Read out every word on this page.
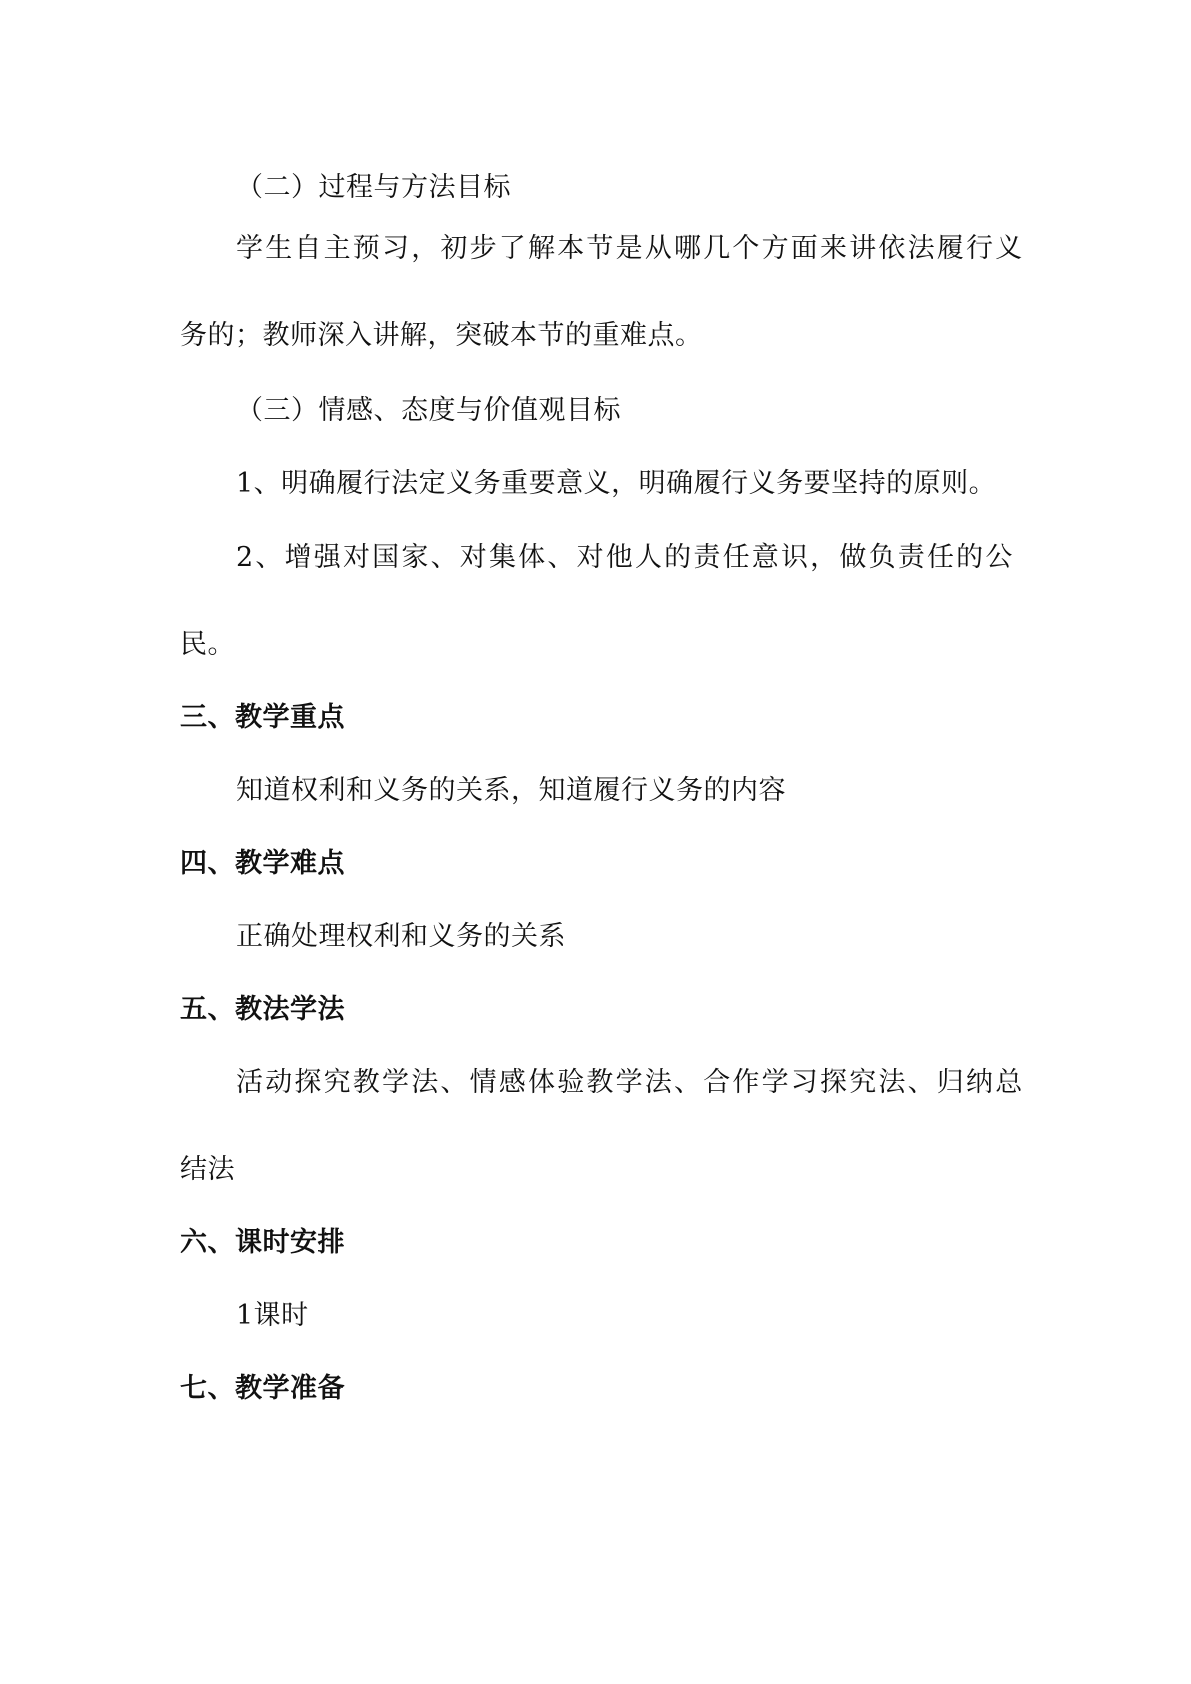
（二）过程与方法目标
学生自主预习，初步了解本节是从哪几个方面来讲依法履行义
务的；教师深入讲解，突破本节的重难点。
（三）情感、态度与价值观目标
1、明确履行法定义务重要意义，明确履行义务要坚持的原则。
2、增强对国家、对集体、对他人的责任意识，做负责任的公
民。
三、教学重点
知道权利和义务的关系，知道履行义务的内容
四、教学难点
正确处理权利和义务的关系
五、教法学法
活动探究教学法、情感体验教学法、合作学习探究法、归纳总
结法
六、课时安排
1课时
七、教学准备
